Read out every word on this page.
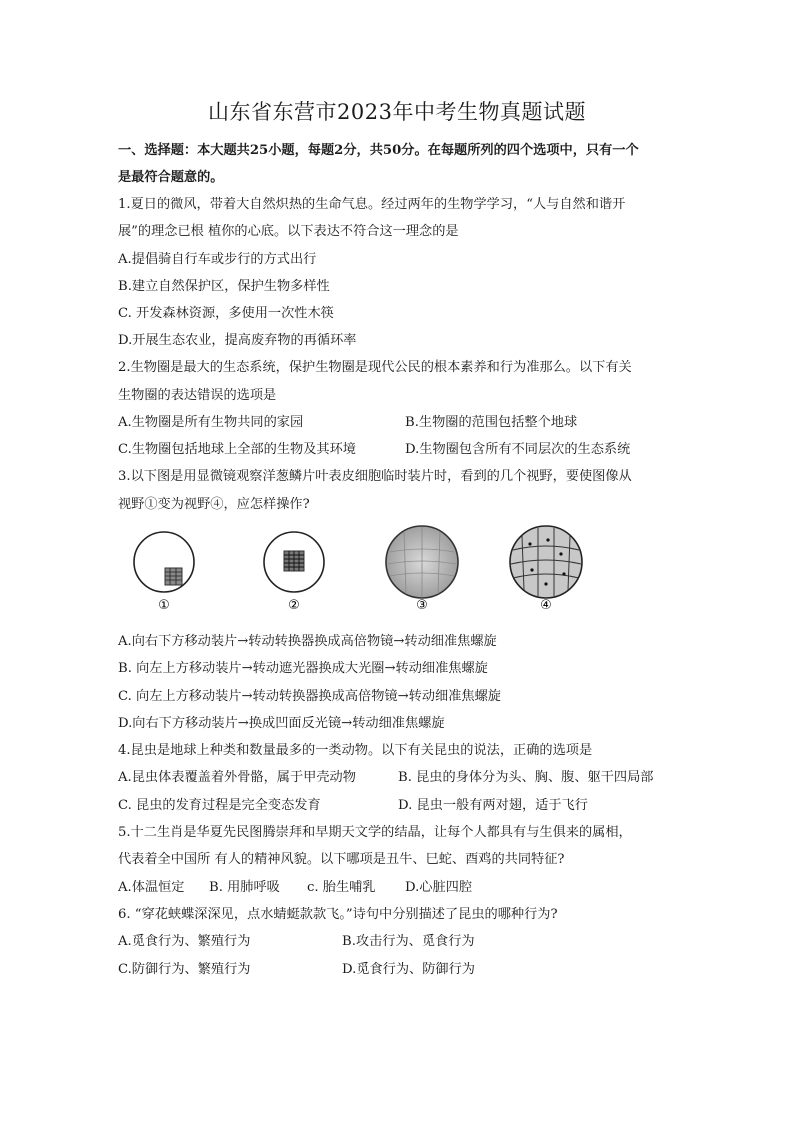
山东省东营市2023年中考生物真题试题
一、选择题：本大题共25小题，每题2分，共50分。在每题所列的四个选项中，只有一个
是最符合题意的。
1.夏日的微风，带着大自然炽热的生命气息。经过两年的生物学学习，“人与自然和谐开
展”的理念已根 植你的心底。以下表达不符合这一理念的是
A.提倡骑自行车或步行的方式出行
B.建立自然保护区，保护生物多样性
C. 开发森林资源，多使用一次性木筷
D.开展生态农业，提高废弃物的再循环率
2.生物圈是最大的生态系统，保护生物圈是现代公民的根本素养和行为准那么。以下有关
生物圈的表达错误的选项是
A.生物圈是所有生物共同的家园	B.生物圈的范围包括整个地球
C.生物圈包括地球上全部的生物及其环境	D.生物圈包含所有不同层次的生态系统
3.以下图是用显微镜观察洋葱鳞片叶表皮细胞临时装片时，看到的几个视野，要使图像从
视野①变为视野④，应怎样操作?
①	②	③	④
A.向右下方移动装片→转动转换器换成高倍物镜→转动细准焦螺旋
B. 向左上方移动装片→转动遮光器换成大光圈→转动细准焦螺旋
C. 向左上方移动装片→转动转换器换成高倍物镜→转动细准焦螺旋
D.向右下方移动装片→换成凹面反光镜→转动细准焦螺旋
4.昆虫是地球上种类和数量最多的一类动物。以下有关昆虫的说法，正确的选项是
A.昆虫体表覆盖着外骨骼，属于甲壳动物	B. 昆虫的身体分为头、胸、腹、躯干四局部
C. 昆虫的发育过程是完全变态发育	D. 昆虫一般有两对翅，适于飞行
5.十二生肖是华夏先民图腾崇拜和早期天文学的结晶，让每个人都具有与生俱来的属相，
代表着全中国所 有人的精神风貌。以下哪项是丑牛、巳蛇、酉鸡的共同特征?
A.体温恒定 B. 用肺呼吸 c. 胎生哺乳 D.心脏四腔
6. “穿花蛱蝶深深见，点水蜻蜓款款飞。”诗句中分别描述了昆虫的哪种行为?
A.觅食行为、繁殖行为	B.攻击行为、觅食行为
C.防御行为、繁殖行为	D.觅食行为、防御行为
